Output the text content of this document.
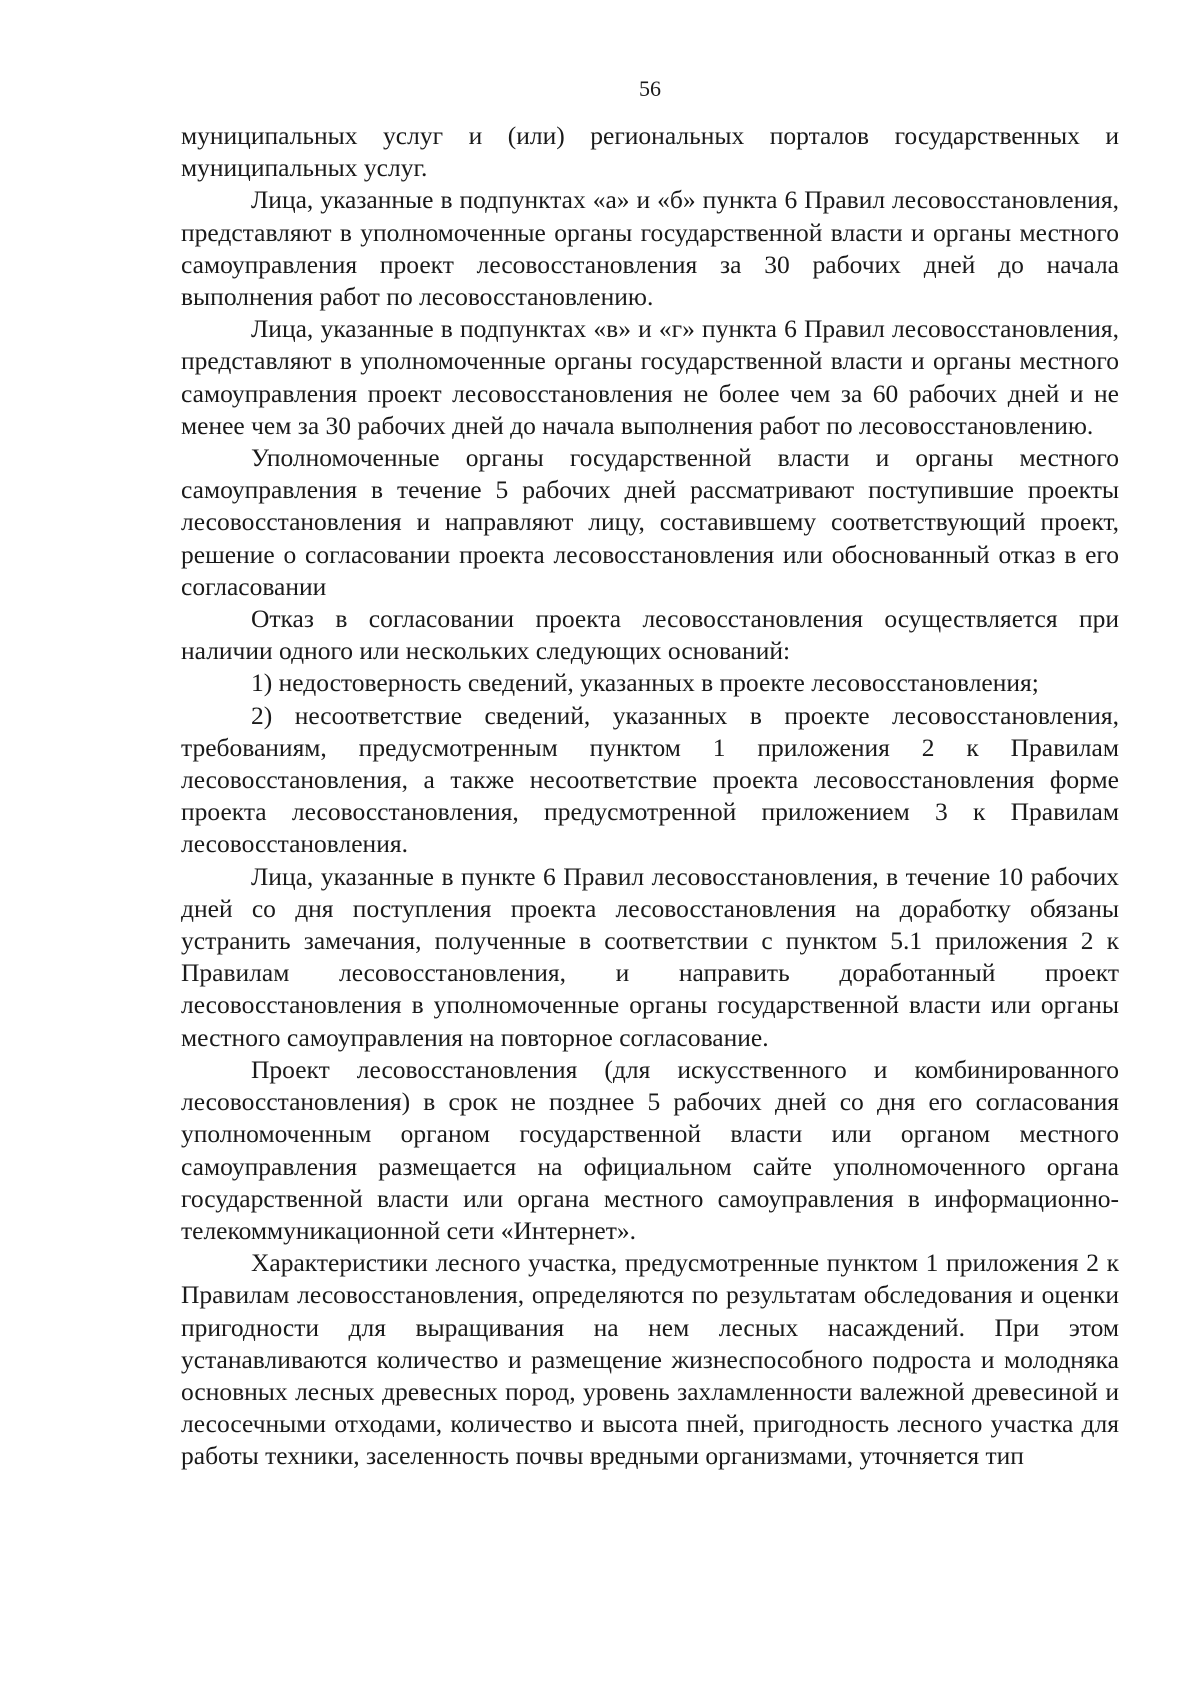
56

муниципальных услуг и (или) региональных порталов государственных и муниципальных услуг.

Лица, указанные в подпунктах «а» и «б» пункта 6 Правил лесовосстановления, представляют в уполномоченные органы государственной власти и органы местного самоуправления проект лесовосстановления за 30 рабочих дней до начала выполнения работ по лесовосстановлению.

Лица, указанные в подпунктах «в» и «г» пункта 6 Правил лесовосстановления, представляют в уполномоченные органы государственной власти и органы местного самоуправления проект лесовосстановления не более чем за 60 рабочих дней и не менее чем за 30 рабочих дней до начала выполнения работ по лесовосстановлению.

Уполномоченные органы государственной власти и органы местного самоуправления в течение 5 рабочих дней рассматривают поступившие проекты лесовосстановления и направляют лицу, составившему соответствующий проект, решение о согласовании проекта лесовосстановления или обоснованный отказ в его согласовании

Отказ в согласовании проекта лесовосстановления осуществляется при наличии одного или нескольких следующих оснований:

1) недостоверность сведений, указанных в проекте лесовосстановления;

2) несоответствие сведений, указанных в проекте лесовосстановления, требованиям, предусмотренным пунктом 1 приложения 2 к Правилам лесовосстановления, а также несоответствие проекта лесовосстановления форме проекта лесовосстановления, предусмотренной приложением 3 к Правилам лесовосстановления.

Лица, указанные в пункте 6 Правил лесовосстановления, в течение 10 рабочих дней со дня поступления проекта лесовосстановления на доработку обязаны устранить замечания, полученные в соответствии с пунктом 5.1 приложения 2 к Правилам лесовосстановления, и направить доработанный проект лесовосстановления в уполномоченные органы государственной власти или органы местного самоуправления на повторное согласование.

Проект лесовосстановления (для искусственного и комбинированного лесовосстановления) в срок не позднее 5 рабочих дней со дня его согласования уполномоченным органом государственной власти или органом местного самоуправления размещается на официальном сайте уполномоченного органа государственной власти или органа местного самоуправления в информационно-телекоммуникационной сети «Интернет».

Характеристики лесного участка, предусмотренные пунктом 1 приложения 2 к Правилам лесовосстановления, определяются по результатам обследования и оценки пригодности для выращивания на нем лесных насаждений. При этом устанавливаются количество и размещение жизнеспособного подроста и молодняка основных лесных древесных пород, уровень захламленности валежной древесиной и лесосечными отходами, количество и высота пней, пригодность лесного участка для работы техники, заселенность почвы вредными организмами, уточняется тип
